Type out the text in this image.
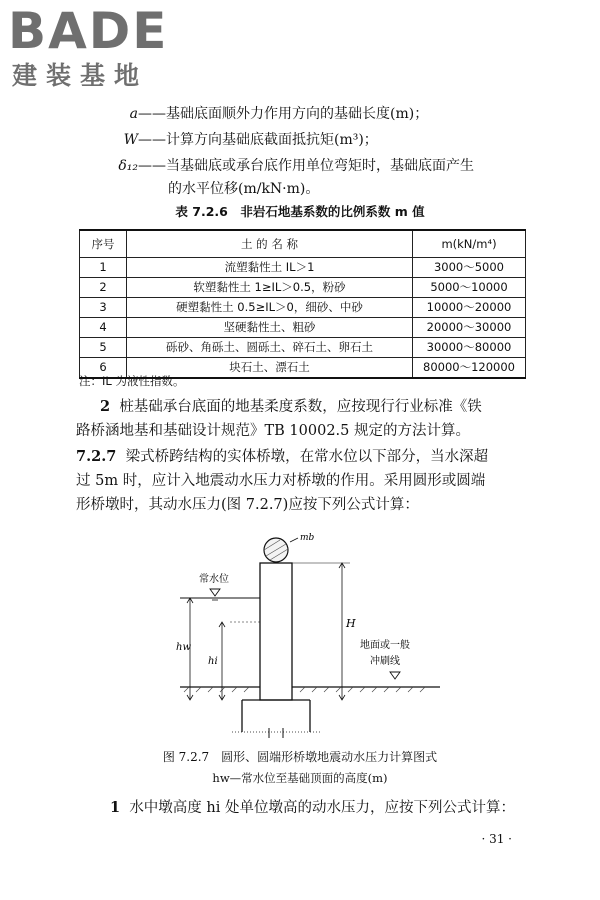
BADE
建装基地
a——基础底面顺外力作用方向的基础长度(m)；
W——计算方向基础底截面抵抗矩(m³)；
δ₁₂——当基础底或承台底作用单位弯矩时，基础底面产生
的水平位移(m/kN·m)。
表 7.2.6　非岩石地基系数的比例系数 m 值
序号	土 的 名 称	m(kN/m⁴)
1	流塑黏性土 IL＞1	3000～5000
2	软塑黏性土 1≥IL＞0.5，粉砂	5000～10000
3	硬塑黏性土 0.5≥IL＞0，细砂、中砂	10000～20000
4	坚硬黏性土、粗砂	20000～30000
5	砾砂、角砾土、圆砾土、碎石土、卵石土	30000～80000
6	块石土、漂石土	80000～120000
注：IL 为液性指数。
2 桩基础承台底面的地基柔度系数，应按现行行业标准《铁
路桥涵地基和基础设计规范》TB 10002.5 规定的方法计算。
7.2.7 梁式桥跨结构的实体桥墩，在常水位以下部分，当水深超
过 5m 时，应计入地震动水压力对桥墩的作用。采用圆形或圆端
形桥墩时，其动水压力(图 7.2.7)应按下列公式计算：
mb
常水位
hw
hi
H
地面或一般
冲刷线
图 7.2.7　圆形、圆端形桥墩地震动水压力计算图式
hw—常水位至基础顶面的高度(m)
1 水中墩高度 hi 处单位墩高的动水压力，应按下列公式计算：
· 31 ·
